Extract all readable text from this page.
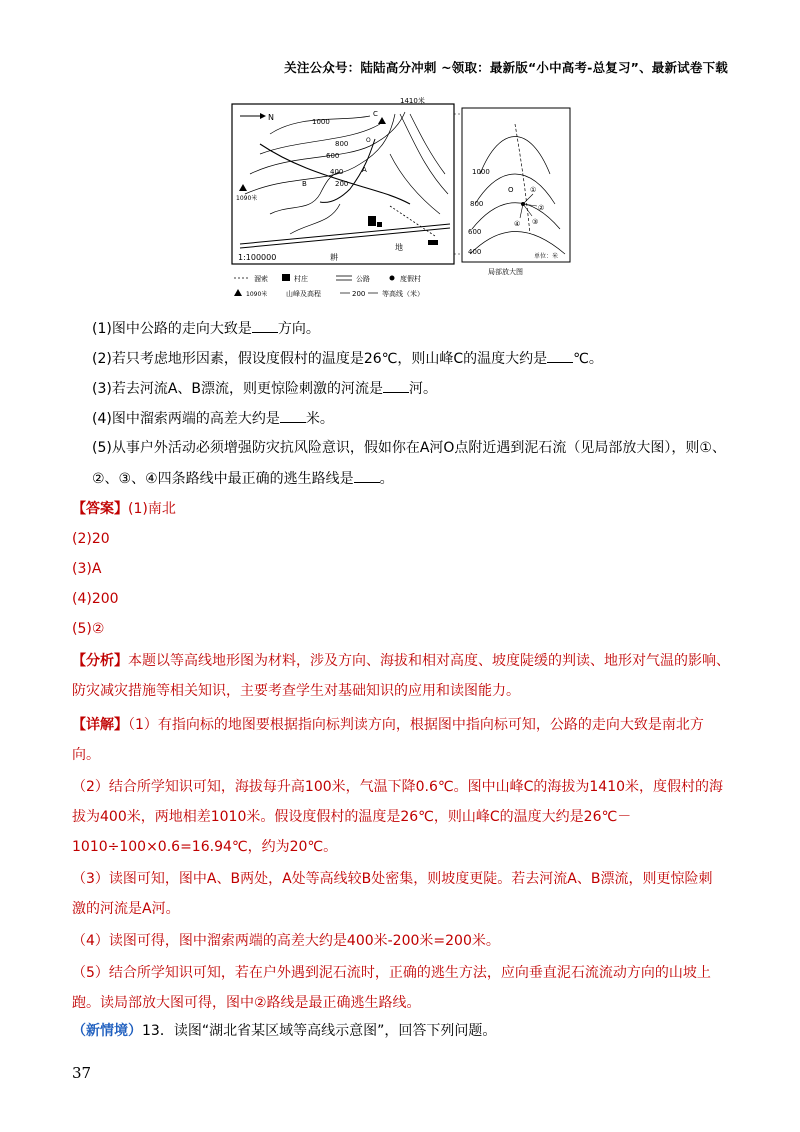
关注公众号：陆陆高分冲刺 ~领取：最新版“小中高考-总复习”、最新试卷下载
N	C
1410米
1090米
1000
800
600
400
200
B
A
O
1:100000	耕
地
O ①
②
③
④
1000
800
600
400
单位：米
局部放大图
溜索	村庄	公路	度假村
1090米	山峰及高程	200 等高线（米）
(1)图中公路的走向大致是 方向。
(2)若只考虑地形因素，假设度假村的温度是26℃，则山峰C的温度大约是 ℃。
(3)若去河流A、B漂流，则更惊险刺激的河流是 河。
(4)图中溜索两端的高差大约是 米。
(5)从事户外活动必须增强防灾抗风险意识，假如你在A河O点附近遇到泥石流（见局部放大图），则①、
②、③、④四条路线中最正确的逃生路线是 。
【答案】(1)南北
(2)20
(3)A
(4)200
(5)②
【分析】本题以等高线地形图为材料，涉及方向、海拔和相对高度、坡度陡缓的判读、地形对气温的影响、
防灾减灾措施等相关知识，主要考查学生对基础知识的应用和读图能力。
【详解】（1）有指向标的地图要根据指向标判读方向，根据图中指向标可知，公路的走向大致是南北方
向。
（2）结合所学知识可知，海拔每升高100米，气温下降0.6℃。图中山峰C的海拔为1410米，度假村的海
拔为400米，两地相差1010米。假设度假村的温度是26℃，则山峰C的温度大约是26℃－
1010÷100×0.6=16.94℃，约为20℃。
（3）读图可知，图中A、B两处，A处等高线较B处密集，则坡度更陡。若去河流A、B漂流，则更惊险刺
激的河流是A河。
（4）读图可得，图中溜索两端的高差大约是400米-200米=200米。
（5）结合所学知识可知，若在户外遇到泥石流时，正确的逃生方法，应向垂直泥石流流动方向的山坡上
跑。读局部放大图可得，图中②路线是最正确逃生路线。
（新情境）13．读图“湖北省某区域等高线示意图”，回答下列问题。
37
